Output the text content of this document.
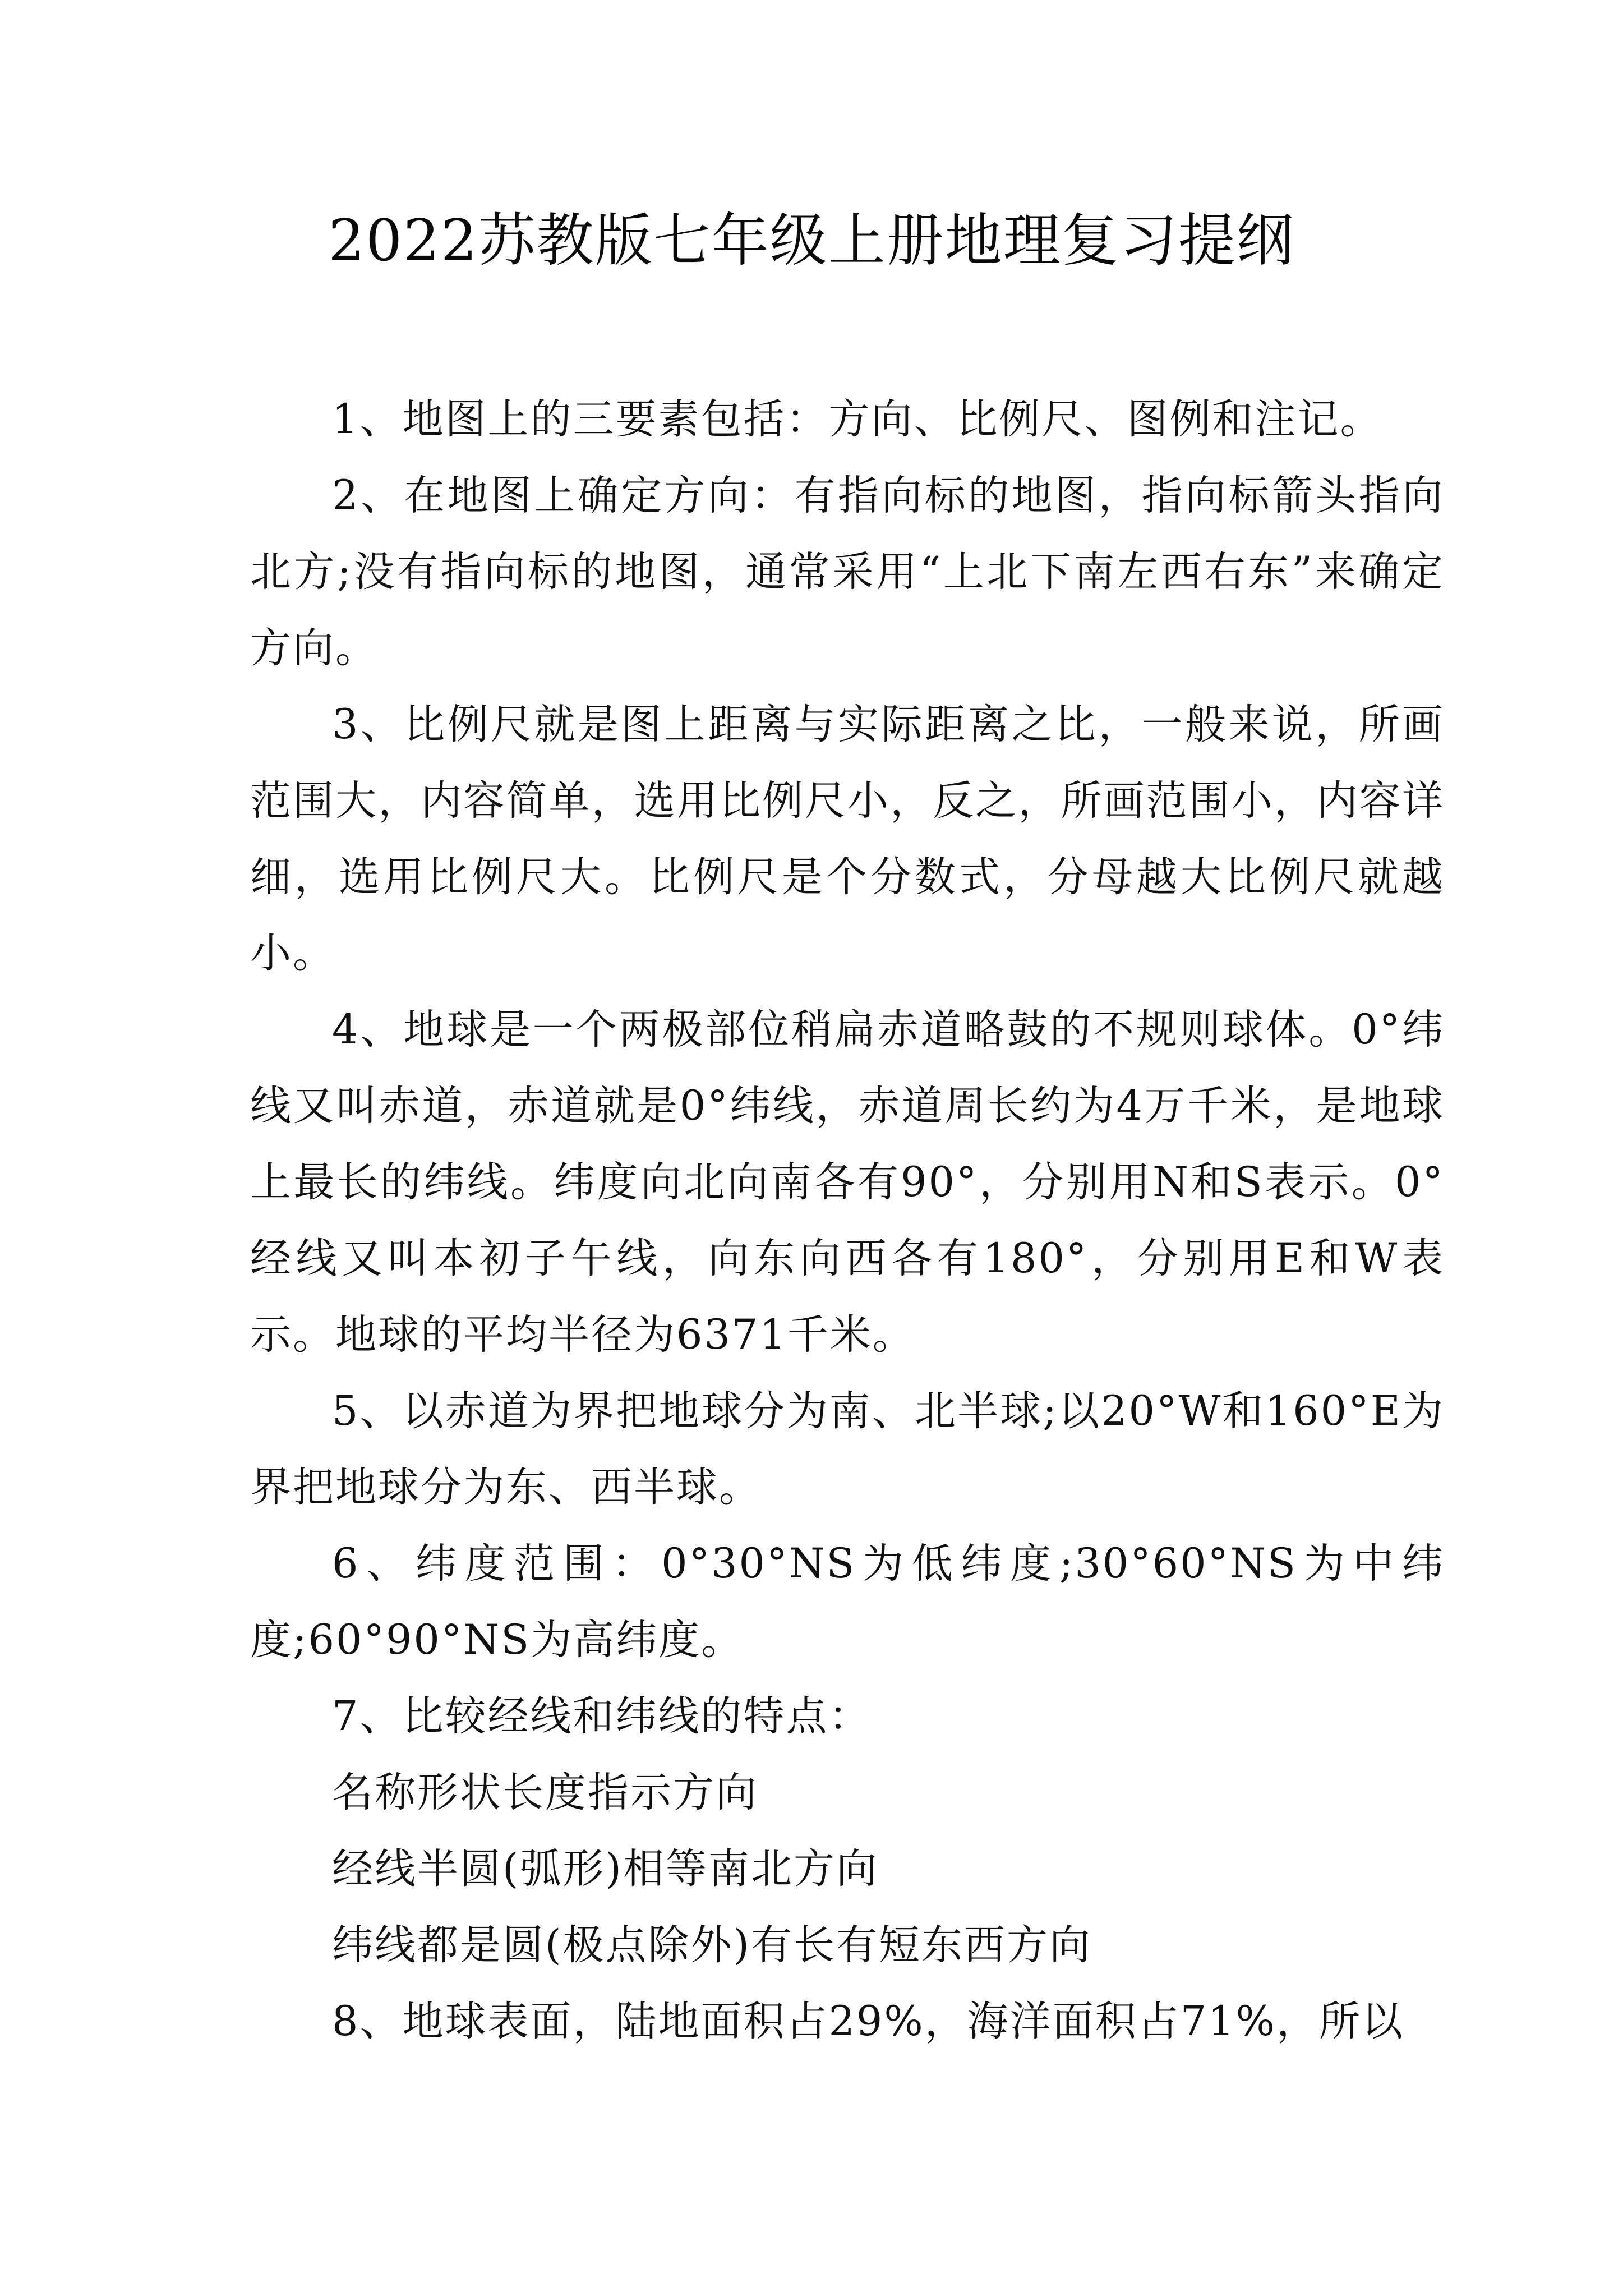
2022苏教版七年级上册地理复习提纲

1、地图上的三要素包括：方向、比例尺、图例和注记。

2、在地图上确定方向：有指向标的地图，指向标箭头指向北方;没有指向标的地图，通常采用“上北下南左西右东”来确定方向。

3、比例尺就是图上距离与实际距离之比，一般来说，所画范围大，内容简单，选用比例尺小，反之，所画范围小，内容详细，选用比例尺大。比例尺是个分数式，分母越大比例尺就越小。

4、地球是一个两极部位稍扁赤道略鼓的不规则球体。0°纬线又叫赤道，赤道就是0°纬线，赤道周长约为4万千米，是地球上最长的纬线。纬度向北向南各有90°，分别用N和S表示。0°经线又叫本初子午线，向东向西各有180°，分别用E和W表示。地球的平均半径为6371千米。

5、以赤道为界把地球分为南、北半球;以20°W和160°E为界把地球分为东、西半球。

6、纬度范围：0°30°NS为低纬度;30°60°NS为中纬度;60°90°NS为高纬度。

7、比较经线和纬线的特点：

名称形状长度指示方向

经线半圆(弧形)相等南北方向

纬线都是圆(极点除外)有长有短东西方向

8、地球表面，陆地面积占29%，海洋面积占71%，所以
